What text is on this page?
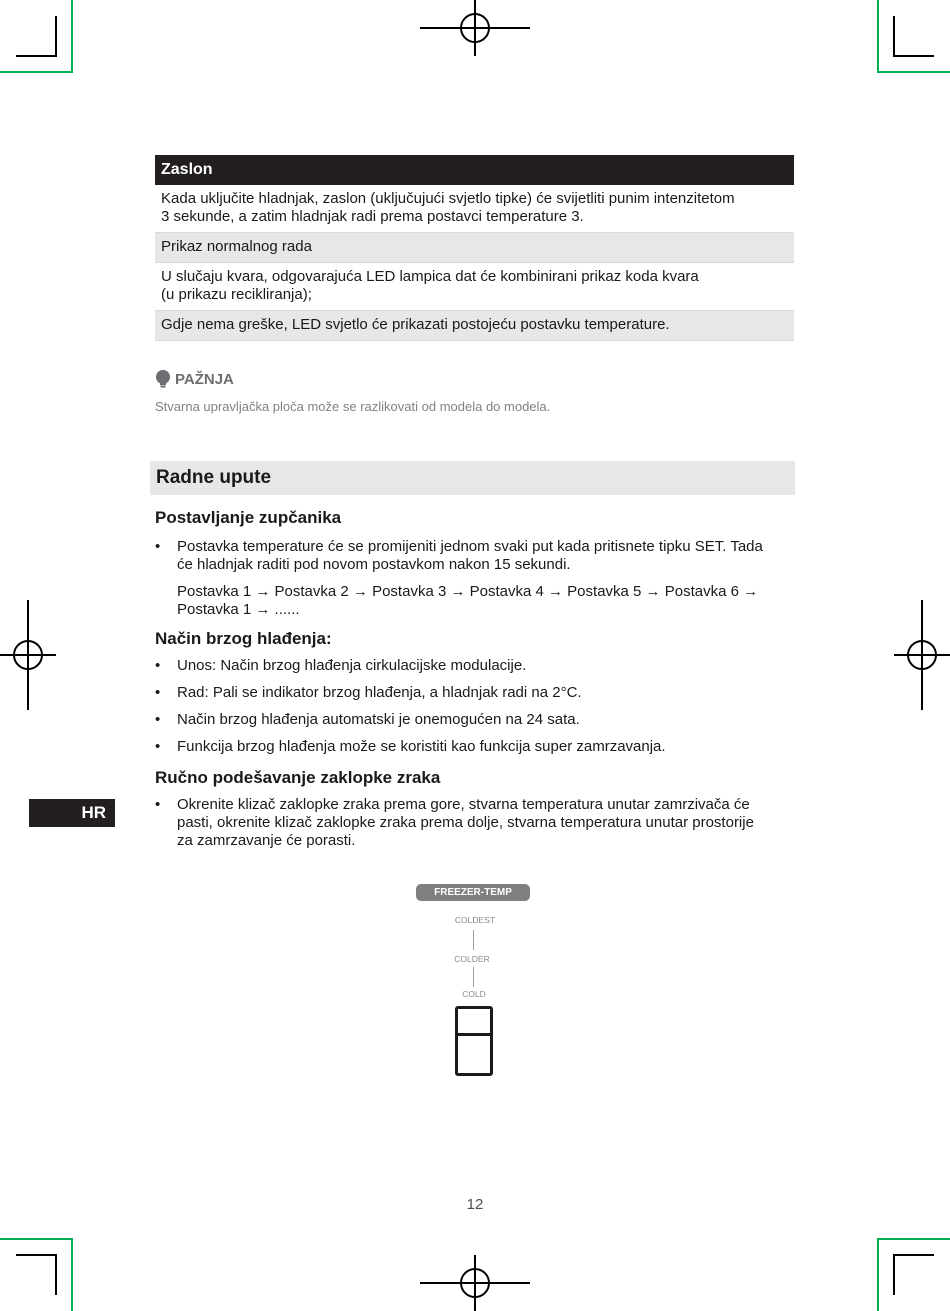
Zaslon
Kada uključite hladnjak, zaslon (uključujući svjetlo tipke) će svijetliti punim intenzitetom
3 sekunde, a zatim hladnjak radi prema postavci temperature 3.
Prikaz normalnog rada
U slučaju kvara, odgovarajuća LED lampica dat će kombinirani prikaz koda kvara
(u prikazu recikliranja);
Gdje nema greške, LED svjetlo će prikazati postojeću postavku temperature.
PAŽNJA
Stvarna upravljačka ploča može se razlikovati od modela do modela.
Radne upute
Postavljanje zupčanika
• Postavka temperature će se promijeniti jednom svaki put kada pritisnete tipku SET. Tada
će hladnjak raditi pod novom postavkom nakon 15 sekundi.
Postavka 1 → Postavka 2 → Postavka 3 → Postavka 4 → Postavka 5 → Postavka 6 →
Postavka 1 → ......
Način brzog hlađenja:
• Unos: Način brzog hlađenja cirkulacijske modulacije.
• Rad: Pali se indikator brzog hlađenja, a hladnjak radi na 2°C.
• Način brzog hlađenja automatski je onemogućen na 24 sata.
• Funkcija brzog hlađenja može se koristiti kao funkcija super zamrzavanja.
Ručno podešavanje zaklopke zraka
• Okrenite klizač zaklopke zraka prema gore, stvarna temperatura unutar zamrzivača će
pasti, okrenite klizač zaklopke zraka prema dolje, stvarna temperatura unutar prostorije
za zamrzavanje će porasti.
HR
FREEZER-TEMP
COLDEST
COLDER
COLD
12
